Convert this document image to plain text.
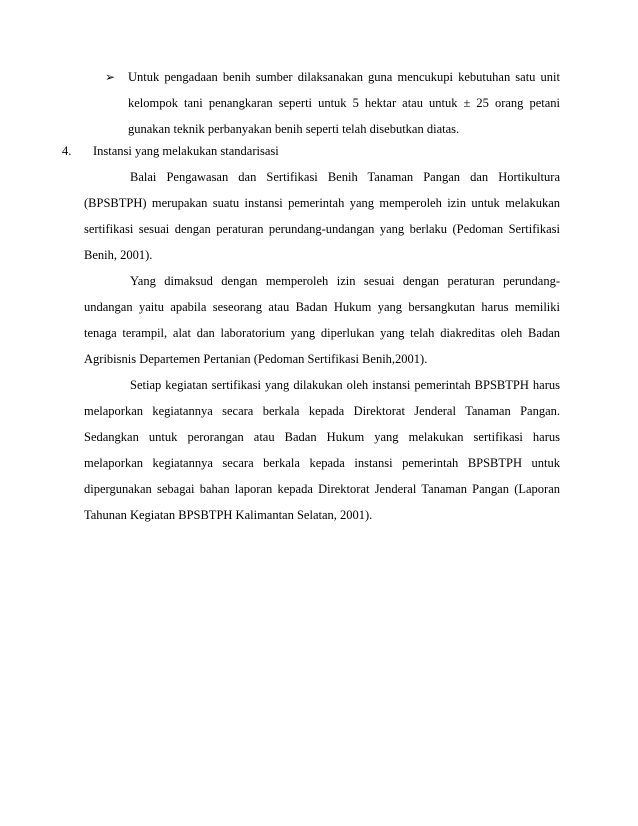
➢ Untuk pengadaan benih sumber dilaksanakan guna mencukupi kebutuhan satu unit
kelompok tani penangkaran seperti untuk 5 hektar atau untuk ± 25 orang petani
gunakan teknik perbanyakan benih seperti telah disebutkan diatas.
4. Instansi yang melakukan standarisasi
Balai Pengawasan dan Sertifikasi Benih Tanaman Pangan dan Hortikultura
(BPSBTPH) merupakan suatu instansi pemerintah yang memperoleh izin untuk melakukan
sertifikasi sesuai dengan peraturan perundang-undangan yang berlaku (Pedoman Sertifikasi
Benih, 2001).
Yang dimaksud dengan memperoleh izin sesuai dengan peraturan perundang-
undangan yaitu apabila seseorang atau Badan Hukum yang bersangkutan harus memiliki
tenaga terampil, alat dan laboratorium yang diperlukan yang telah diakreditas oleh Badan
Agribisnis Departemen Pertanian (Pedoman Sertifikasi Benih,2001).
Setiap kegiatan sertifikasi yang dilakukan oleh instansi pemerintah BPSBTPH harus
melaporkan kegiatannya secara berkala kepada Direktorat Jenderal Tanaman Pangan.
Sedangkan untuk perorangan atau Badan Hukum yang melakukan sertifikasi harus
melaporkan kegiatannya secara berkala kepada instansi pemerintah BPSBTPH untuk
dipergunakan sebagai bahan laporan kepada Direktorat Jenderal Tanaman Pangan (Laporan
Tahunan Kegiatan BPSBTPH Kalimantan Selatan, 2001).
